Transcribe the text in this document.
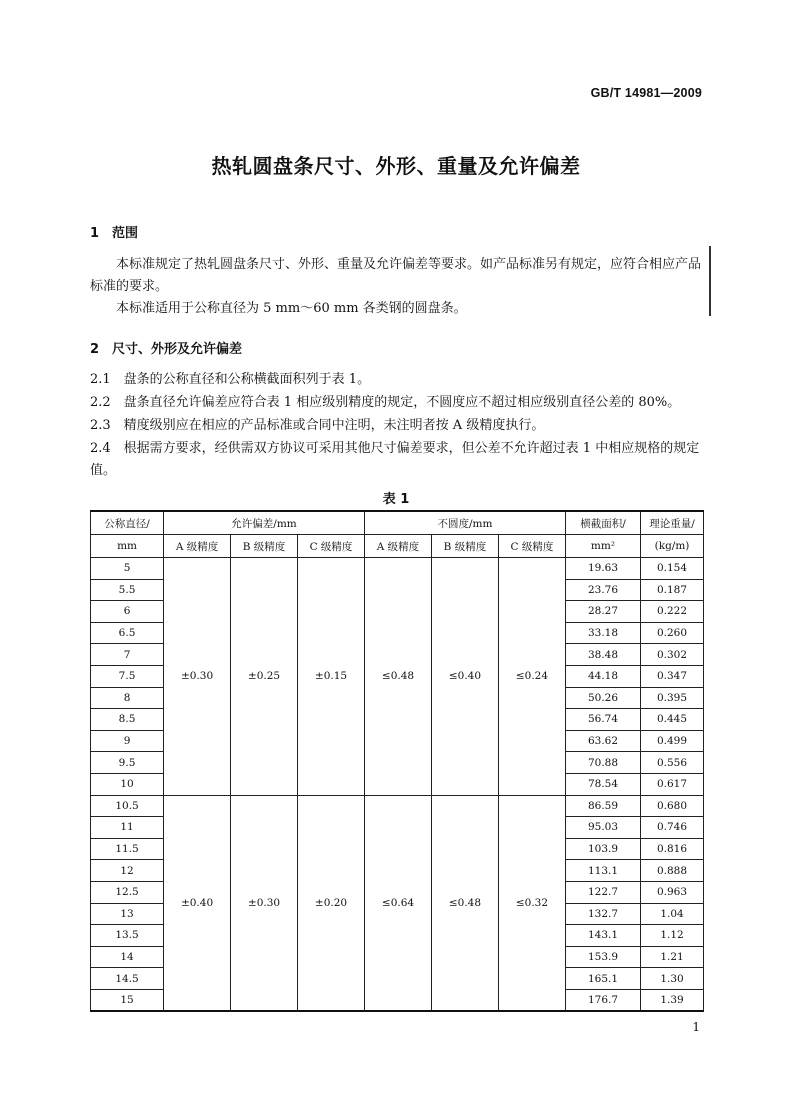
GB/T 14981—2009
热轧圆盘条尺寸、外形、重量及允许偏差
1　范围
本标准规定了热轧圆盘条尺寸、外形、重量及允许偏差等要求。如产品标准另有规定，应符合相应产品标准的要求。
本标准适用于公称直径为 5 mm～60 mm 各类钢的圆盘条。
2　尺寸、外形及允许偏差
2.1　盘条的公称直径和公称横截面积列于表 1。
2.2　盘条直径允许偏差应符合表 1 相应级别精度的规定，不圆度应不超过相应级别直径公差的 80%。
2.3　精度级别应在相应的产品标准或合同中注明，未注明者按 A 级精度执行。
2.4　根据需方要求，经供需双方协议可采用其他尺寸偏差要求，但公差不允许超过表 1 中相应规格的规定值。
表 1
公称直径/	允许偏差/mm			不圆度/mm			横截面积/	理论重量/
mm	A 级精度	B 级精度	C 级精度	A 级精度	B 级精度	C 级精度	mm²	(kg/m)
5	±0.30	±0.25	±0.15	≤0.48	≤0.40	≤0.24	19.63	0.154
5.5							23.76	0.187
6							28.27	0.222
6.5							33.18	0.260
7							38.48	0.302
7.5							44.18	0.347
8							50.26	0.395
8.5							56.74	0.445
9							63.62	0.499
9.5							70.88	0.556
10							78.54	0.617
10.5	±0.40	±0.30	±0.20	≤0.64	≤0.48	≤0.32	86.59	0.680
11							95.03	0.746
11.5							103.9	0.816
12							113.1	0.888
12.5							122.7	0.963
13							132.7	1.04
13.5							143.1	1.12
14							153.9	1.21
14.5							165.1	1.30
15							176.7	1.39
1
